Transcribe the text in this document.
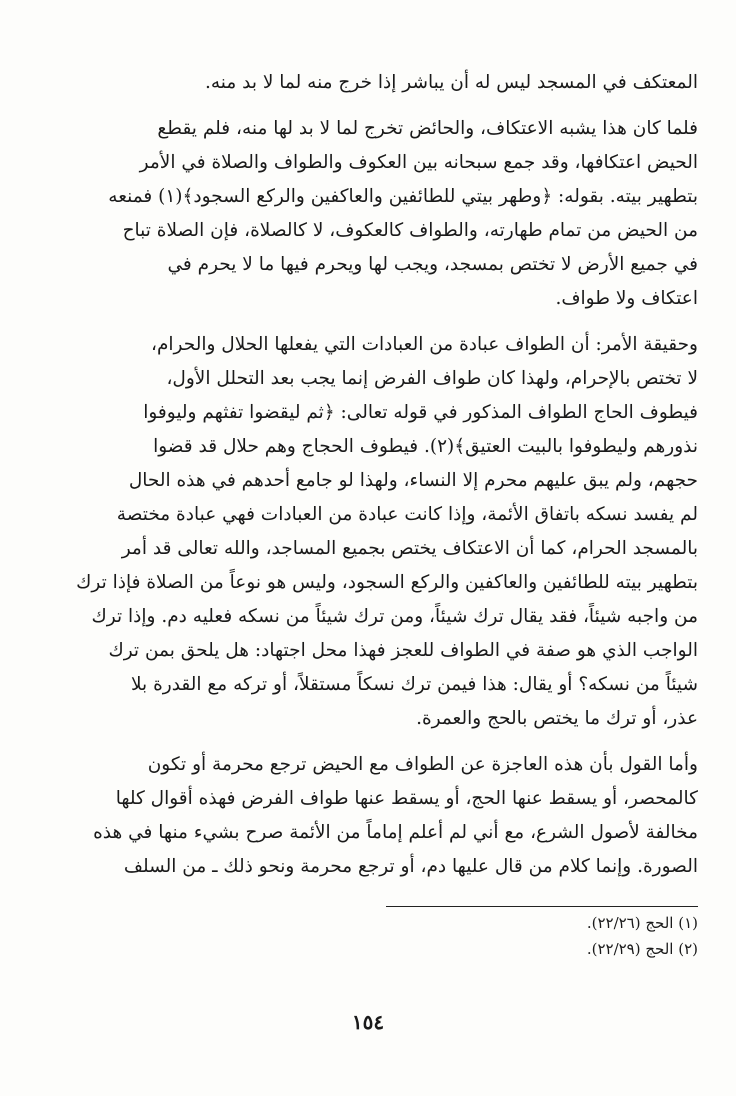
المعتكف في المسجد ليس له أن يباشر إذا خرج منه لما لا بد منه.

فلما كان هذا يشبه الاعتكاف، والحائض تخرج لما لا بد لها منه، فلم يقطع
الحيض اعتكافها، وقد جمع سبحانه بين العكوف والطواف والصلاة في الأمر
بتطهير بيته. بقوله: ﴿وطهر بيتي للطائفين والعاكفين والركع السجود﴾(١) فمنعه
من الحيض من تمام طهارته، والطواف كالعكوف، لا كالصلاة، فإن الصلاة تباح
في جميع الأرض لا تختص بمسجد، ويجب لها ويحرم فيها ما لا يحرم في
اعتكاف ولا طواف.

وحقيقة الأمر: أن الطواف عبادة من العبادات التي يفعلها الحلال والحرام،
لا تختص بالإحرام، ولهذا كان طواف الفرض إنما يجب بعد التحلل الأول،
فيطوف الحاج الطواف المذكور في قوله تعالى: ﴿ثم ليقضوا تفثهم وليوفوا
نذورهم وليطوفوا بالبيت العتيق﴾(٢). فيطوف الحجاج وهم حلال قد قضوا
حجهم، ولم يبق عليهم محرم إلا النساء، ولهذا لو جامع أحدهم في هذه الحال
لم يفسد نسكه باتفاق الأئمة، وإذا كانت عبادة من العبادات فهي عبادة مختصة
بالمسجد الحرام، كما أن الاعتكاف يختص بجميع المساجد، والله تعالى قد أمر
بتطهير بيته للطائفين والعاكفين والركع السجود، وليس هو نوعاً من الصلاة فإذا ترك
من واجبه شيئاً، فقد يقال ترك شيئاً، ومن ترك شيئاً من نسكه فعليه دم. وإذا ترك
الواجب الذي هو صفة في الطواف للعجز فهذا محل اجتهاد: هل يلحق بمن ترك
شيئاً من نسكه؟ أو يقال: هذا فيمن ترك نسكاً مستقلاً، أو تركه مع القدرة بلا
عذر، أو ترك ما يختص بالحج والعمرة.

وأما القول بأن هذه العاجزة عن الطواف مع الحيض ترجع محرمة أو تكون
كالمحصر، أو يسقط عنها الحج، أو يسقط عنها طواف الفرض فهذه أقوال كلها
مخالفة لأصول الشرع، مع أني لم أعلم إماماً من الأئمة صرح بشيء منها في هذه
الصورة. وإنما كلام من قال عليها دم، أو ترجع محرمة ونحو ذلك ـ من السلف

(١) الحج (٢٢/٢٦).
(٢) الحج (٢٢/٢٩).
١٥٤
